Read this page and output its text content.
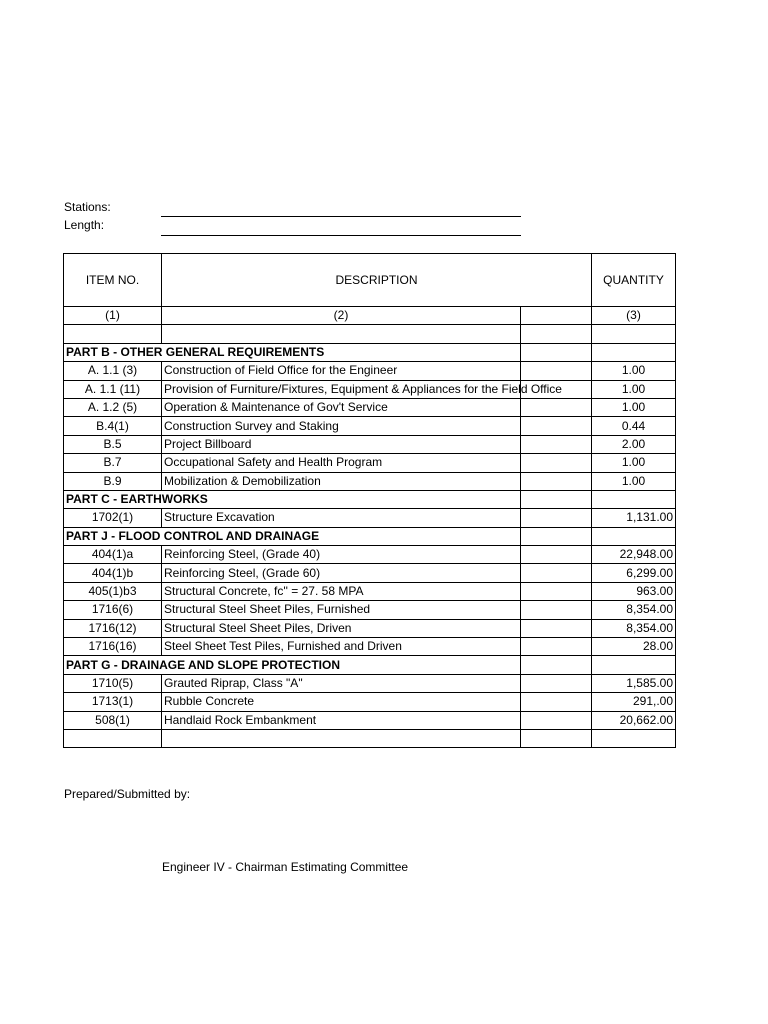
Stations:
Length:
ITEM NO.	DESCRIPTION		QUANTITY
(1)	(2)		(3)

PART B - OTHER GENERAL REQUIREMENTS			
A. 1.1 (3)	Construction of Field Office for the Engineer		1.00
A. 1.1 (11)	Provision of Furniture/Fixtures, Equipment & Appliances for the Field Office		1.00
A. 1.2 (5)	Operation & Maintenance of Gov't Service		1.00
B.4(1)	Construction Survey and Staking		0.44
B.5	Project Billboard		2.00
B.7	Occupational Safety and Health Program		1.00
B.9	Mobilization & Demobilization		1.00
PART C - EARTHWORKS			
1702(1)	Structure Excavation		1,131.00
PART J - FLOOD CONTROL AND DRAINAGE			
404(1)a	Reinforcing Steel, (Grade 40)		22,948.00
404(1)b	Reinforcing Steel, (Grade 60)		6,299.00
405(1)b3	Structural Concrete, fc'' = 27. 58 MPA		963.00
1716(6)	Structural Steel Sheet Piles, Furnished		8,354.00
1716(12)	Structural Steel Sheet Piles, Driven		8,354.00
1716(16)	Steel Sheet Test Piles, Furnished and Driven		28.00
PART G - DRAINAGE AND SLOPE PROTECTION			
1710(5)	Grauted Riprap, Class "A"		1,585.00
1713(1)	Rubble Concrete		291,.00
508(1)	Handlaid Rock Embankment		20,662.00

Prepared/Submitted by:
Engineer IV - Chairman Estimating Committee
